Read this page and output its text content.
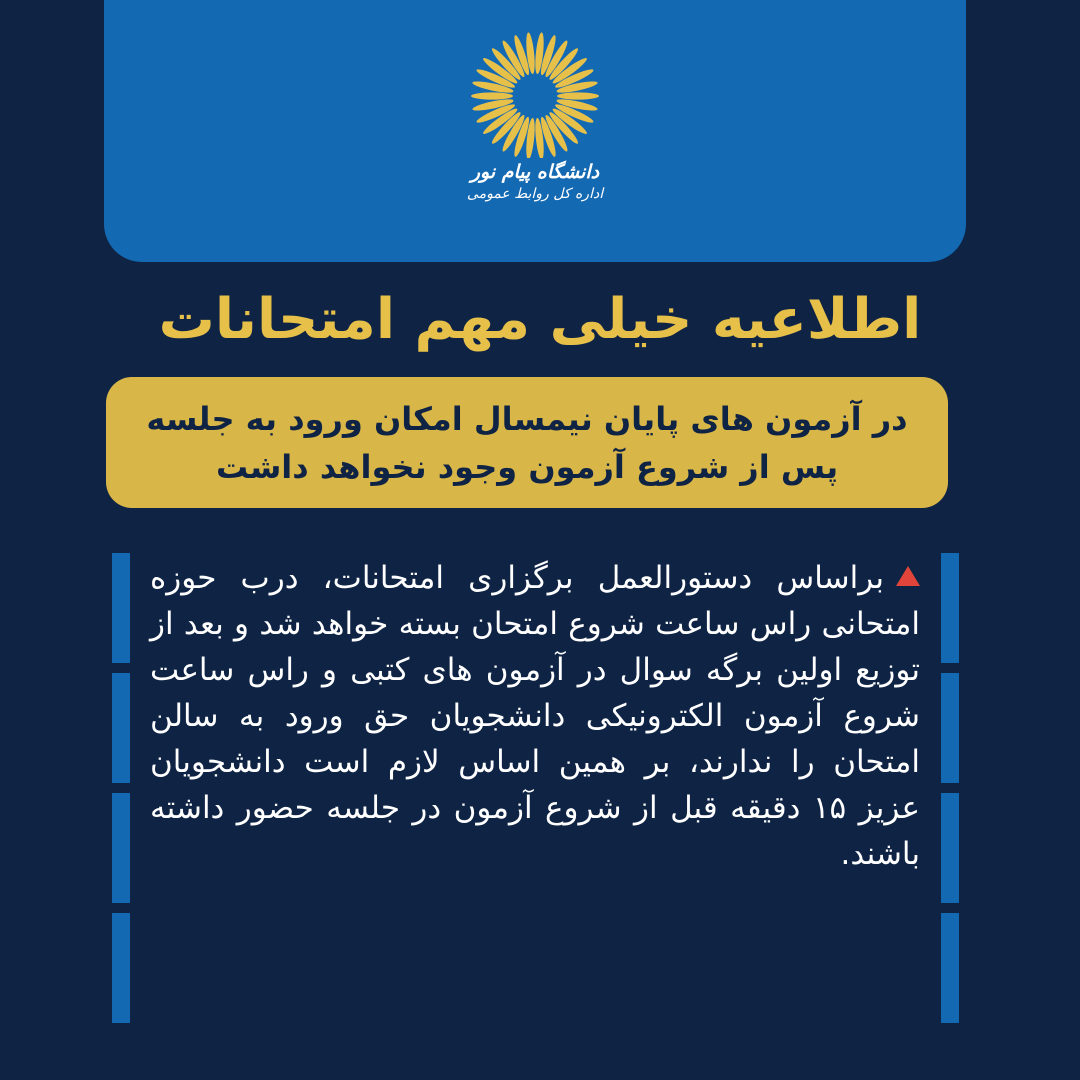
دانشگاه پیام نور
اداره کل روابط عمومی
اطلاعیه خیلی مهم امتحانات
در آزمون های پایان نیمسال امکان ورود به جلسه
پس از شروع آزمون وجود نخواهد داشت
براساس دستورالعمل برگزاری امتحانات، درب حوزه امتحانی راس ساعت شروع امتحان بسته خواهد شد و بعد از توزیع اولین برگه سوال در آزمون های کتبی و راس ساعت شروع آزمون الکترونیکی دانشجویان حق ورود به سالن امتحان را ندارند، بر همین اساس لازم است دانشجویان عزیز ۱۵ دقیقه قبل از شروع آزمون در جلسه حضور داشته باشند.
